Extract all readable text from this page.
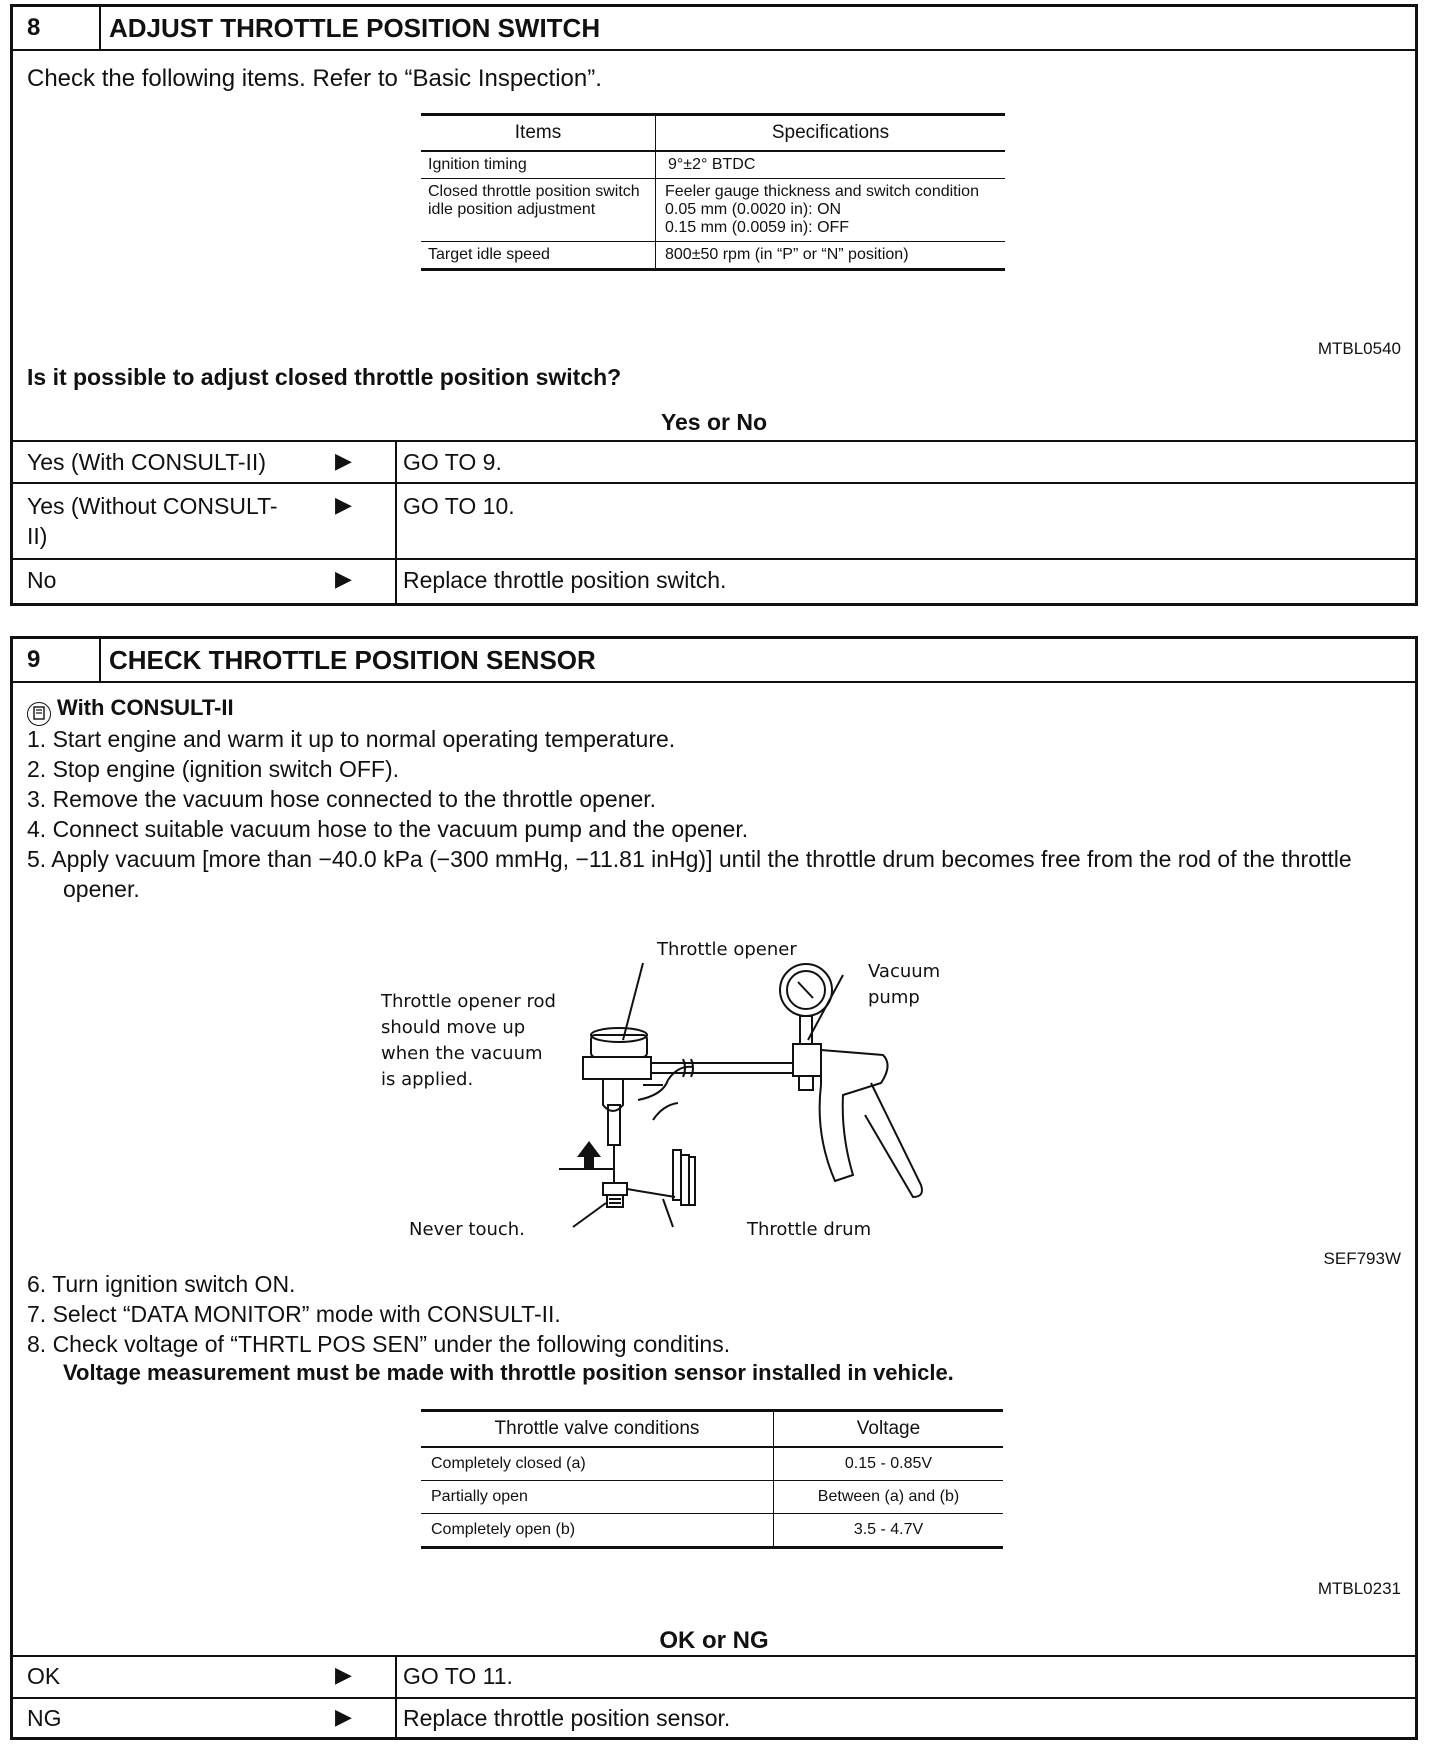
8	ADJUST THROTTLE POSITION SWITCH
Check the following items. Refer to “Basic Inspection”.
Items	Specifications
Ignition timing	9°±2° BTDC
Closed throttle position switch idle position adjustment	Feeler gauge thickness and switch condition
0.05 mm (0.0020 in): ON
0.15 mm (0.0059 in): OFF

Target idle speed	800±50 rpm (in “P” or “N” position)
MTBL0540
Is it possible to adjust closed throttle position switch?
Yes or No
Yes (With CONSULT-II)	▶ GO TO 9.
Yes (Without CONSULT-II)
▶ GO TO 10.
No	▶ Replace throttle position switch.
9	CHECK THROTTLE POSITION SENSOR
With CONSULT-II
1. Start engine and warm it up to normal operating temperature.
2. Stop engine (ignition switch OFF).
3. Remove the vacuum hose connected to the throttle opener.
4. Connect suitable vacuum hose to the vacuum pump and the opener.
5. Apply vacuum [more than −40.0 kPa (−300 mmHg, −11.81 inHg)] until the throttle drum becomes free from the rod of the throttle opener.
Throttle opener
Vacuum pump
Throttle opener rod should move up when the vacuum is applied.
Never touch.	Throttle drum
SEF793W
6. Turn ignition switch ON.
7. Select “DATA MONITOR” mode with CONSULT-II.
8. Check voltage of “THRTL POS SEN” under the following conditins.
Voltage measurement must be made with throttle position sensor installed in vehicle.
Throttle valve conditions	Voltage
Completely closed (a)	0.15 - 0.85V
Partially open	Between (a) and (b)
Completely open (b)	3.5 - 4.7V
MTBL0231
OK or NG
OK	▶ GO TO 11.
NG	▶ Replace throttle position sensor.
